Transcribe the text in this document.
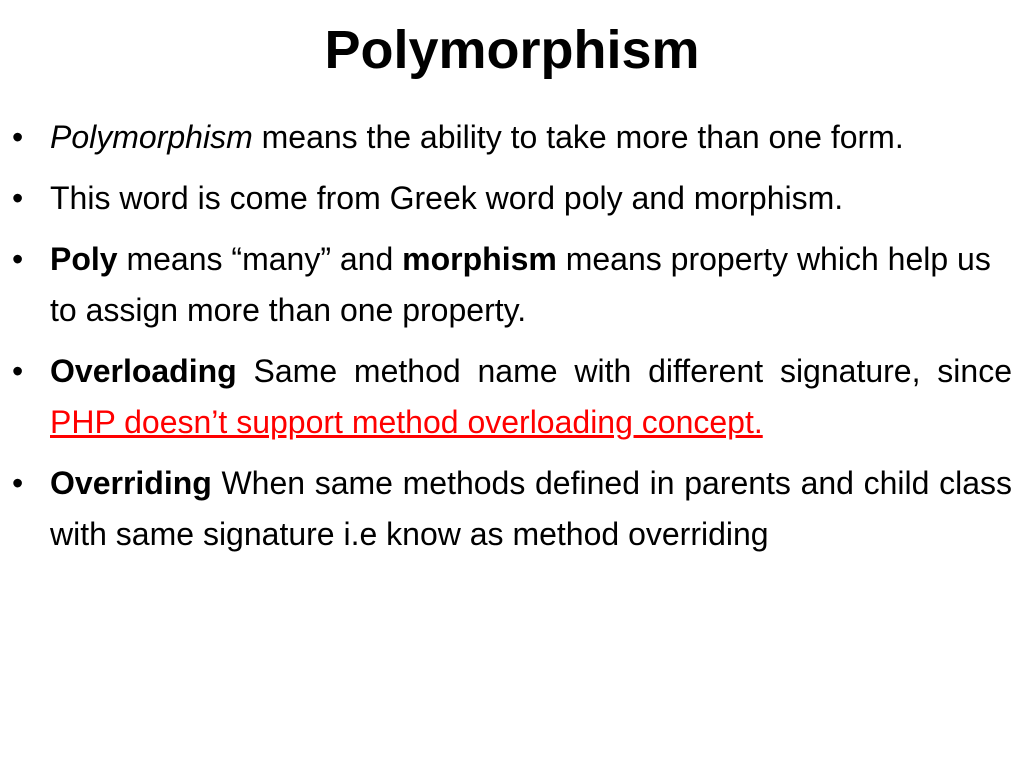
Polymorphism
• Polymorphism means the ability to take more than one form.
• This word is come from Greek word poly and morphism.
• Poly means “many” and morphism means property which help us to assign more than one property.
• Overloading Same method name with different signature, since PHP doesn’t support method overloading concept.
• Overriding When same methods defined in parents and child class with same signature i.e know as method overriding
